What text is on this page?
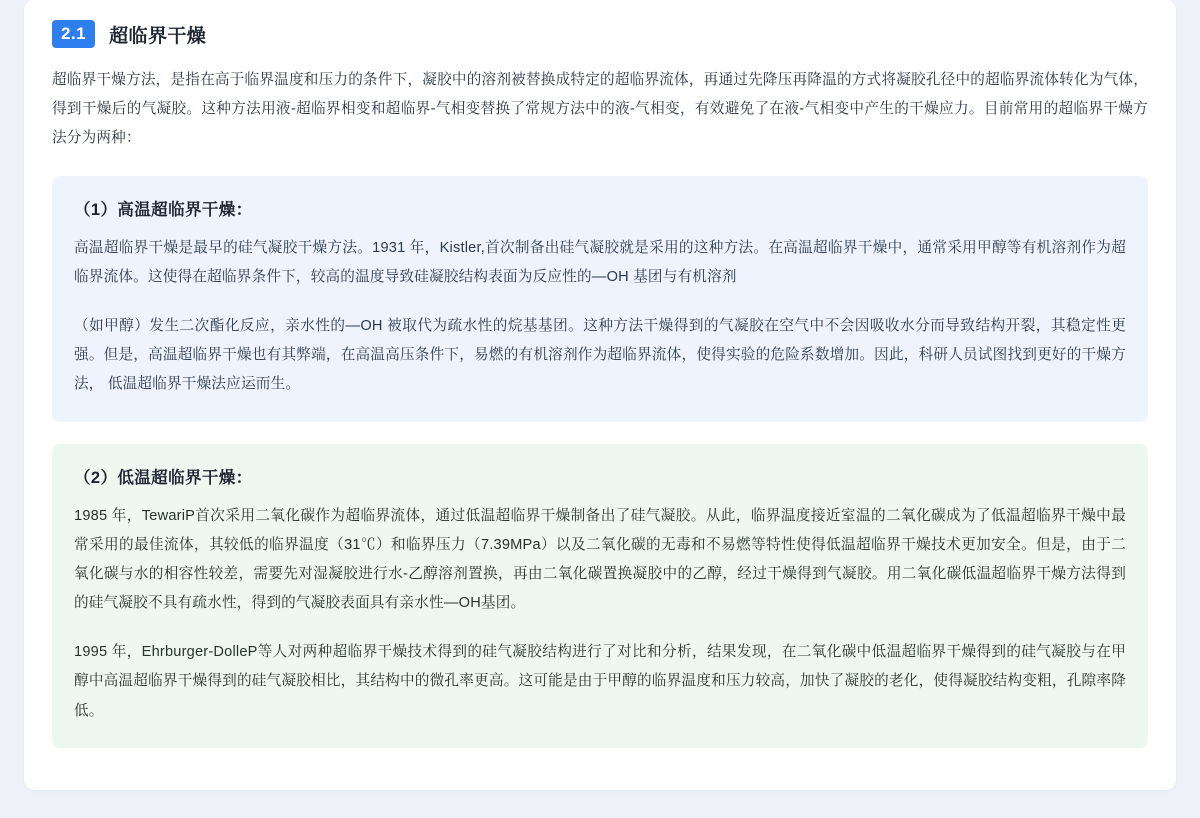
2.1	超临界干燥
超临界干燥方法，是指在高于临界温度和压力的条件下，凝胶中的溶剂被替换成特定的超临界流体，再通过先降压再降温的方式将凝胶孔径中的超临界流体转化为气体，得到干燥后的气凝胶。这种方法用液-超临界相变和超临界-气相变替换了常规方法中的液-气相变，有效避免了在液-气相变中产生的干燥应力。目前常用的超临界干燥方法分为两种：
（1）高温超临界干燥：

高温超临界干燥是最早的硅气凝胶干燥方法。1931 年，Kistler,首次制备出硅气凝胶就是采用的这种方法。在高温超临界干燥中，通常采用甲醇等有机溶剂作为超临界流体。这使得在超临界条件下，较高的温度导致硅凝胶结构表面为反应性的—OH 基团与有机溶剂

（如甲醇）发生二次酯化反应，亲水性的—OH 被取代为疏水性的烷基基团。这种方法干燥得到的气凝胶在空气中不会因吸收水分而导致结构开裂，其稳定性更强。但是，高温超临界干燥也有其弊端，在高温高压条件下，易燃的有机溶剂作为超临界流体，使得实验的危险系数增加。因此，科研人员试图找到更好的干燥方法， 低温超临界干燥法应运而生。

（2）低温超临界干燥：

1985 年，TewariP首次采用二氧化碳作为超临界流体，通过低温超临界干燥制备出了硅气凝胶。从此，临界温度接近室温的二氧化碳成为了低温超临界干燥中最常采用的最佳流体，其较低的临界温度（31℃）和临界压力（7.39MPa）以及二氧化碳的无毒和不易燃等特性使得低温超临界干燥技术更加安全。但是，由于二氧化碳与水的相容性较差，需要先对湿凝胶进行水-乙醇溶剂置换，再由二氧化碳置换凝胶中的乙醇，经过干燥得到气凝胶。用二氧化碳低温超临界干燥方法得到的硅气凝胶不具有疏水性，得到的气凝胶表面具有亲水性—OH基团。

1995 年，Ehrburger-DolleP等人对两种超临界干燥技术得到的硅气凝胶结构进行了对比和分析，结果发现，在二氧化碳中低温超临界干燥得到的硅气凝胶与在甲醇中高温超临界干燥得到的硅气凝胶相比，其结构中的微孔率更高。这可能是由于甲醇的临界温度和压力较高，加快了凝胶的老化，使得凝胶结构变粗，孔隙率降低。
